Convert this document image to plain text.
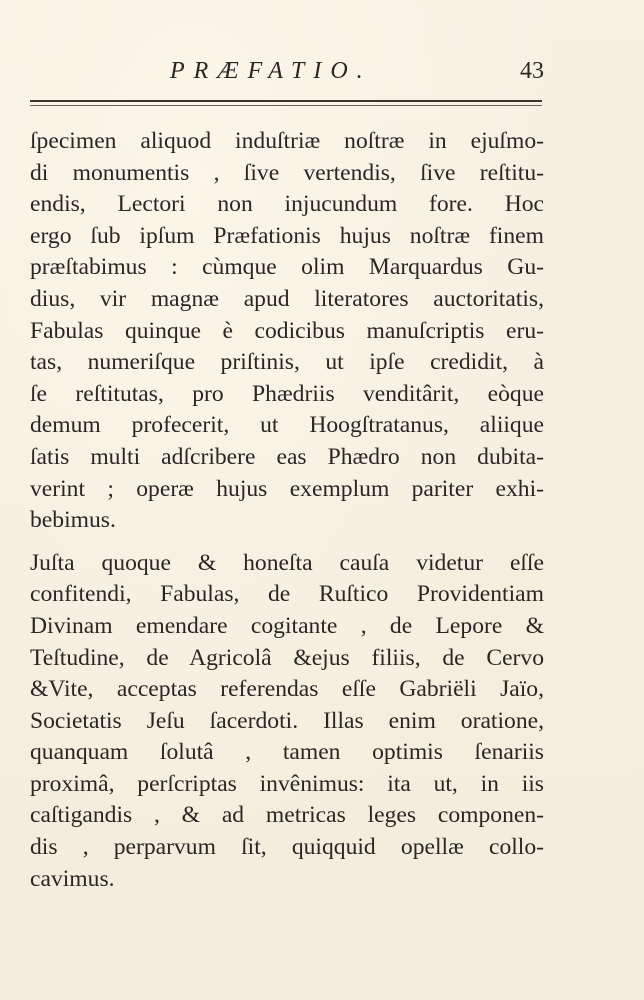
PRÆFATIO.	43
ſpecimen aliquod induſtriæ noſtræ in ejuſmo-
di monumentis , ſive vertendis, ſive reſtitu-
endis, Lectori non injucundum fore. Hoc
ergo ſub ipſum Præfationis hujus noſtræ finem
præſtabimus : cùmque olim Marquardus Gu-
dius, vir magnæ apud literatores auctoritatis,
Fabulas quinque è codicibus manuſcriptis eru-
tas, numeriſque priſtinis, ut ipſe credidit, à
ſe reſtitutas, pro Phædriis venditârit, eòque
demum profecerit, ut Hoogſtratanus, aliique
ſatis multi adſcribere eas Phædro non dubita-
verint ; operæ hujus exemplum pariter exhi-
bebimus.
Juſta quoque & honeſta cauſa videtur eſſe
confitendi, Fabulas, de Ruſtico Providentiam
Divinam emendare cogitante , de Lepore &
Teſtudine, de Agricolâ &ejus filiis, de Cervo
&Vite, acceptas referendas eſſe Gabriëli Jaïo,
Societatis Jeſu ſacerdoti. Illas enim oratione,
quanquam ſolutâ , tamen optimis ſenariis
proximâ, perſcriptas invênimus: ita ut, in iis
caſtigandis , & ad metricas leges componen-
dis , perparvum ſit, quiqquid opellæ collo-
cavimus.
